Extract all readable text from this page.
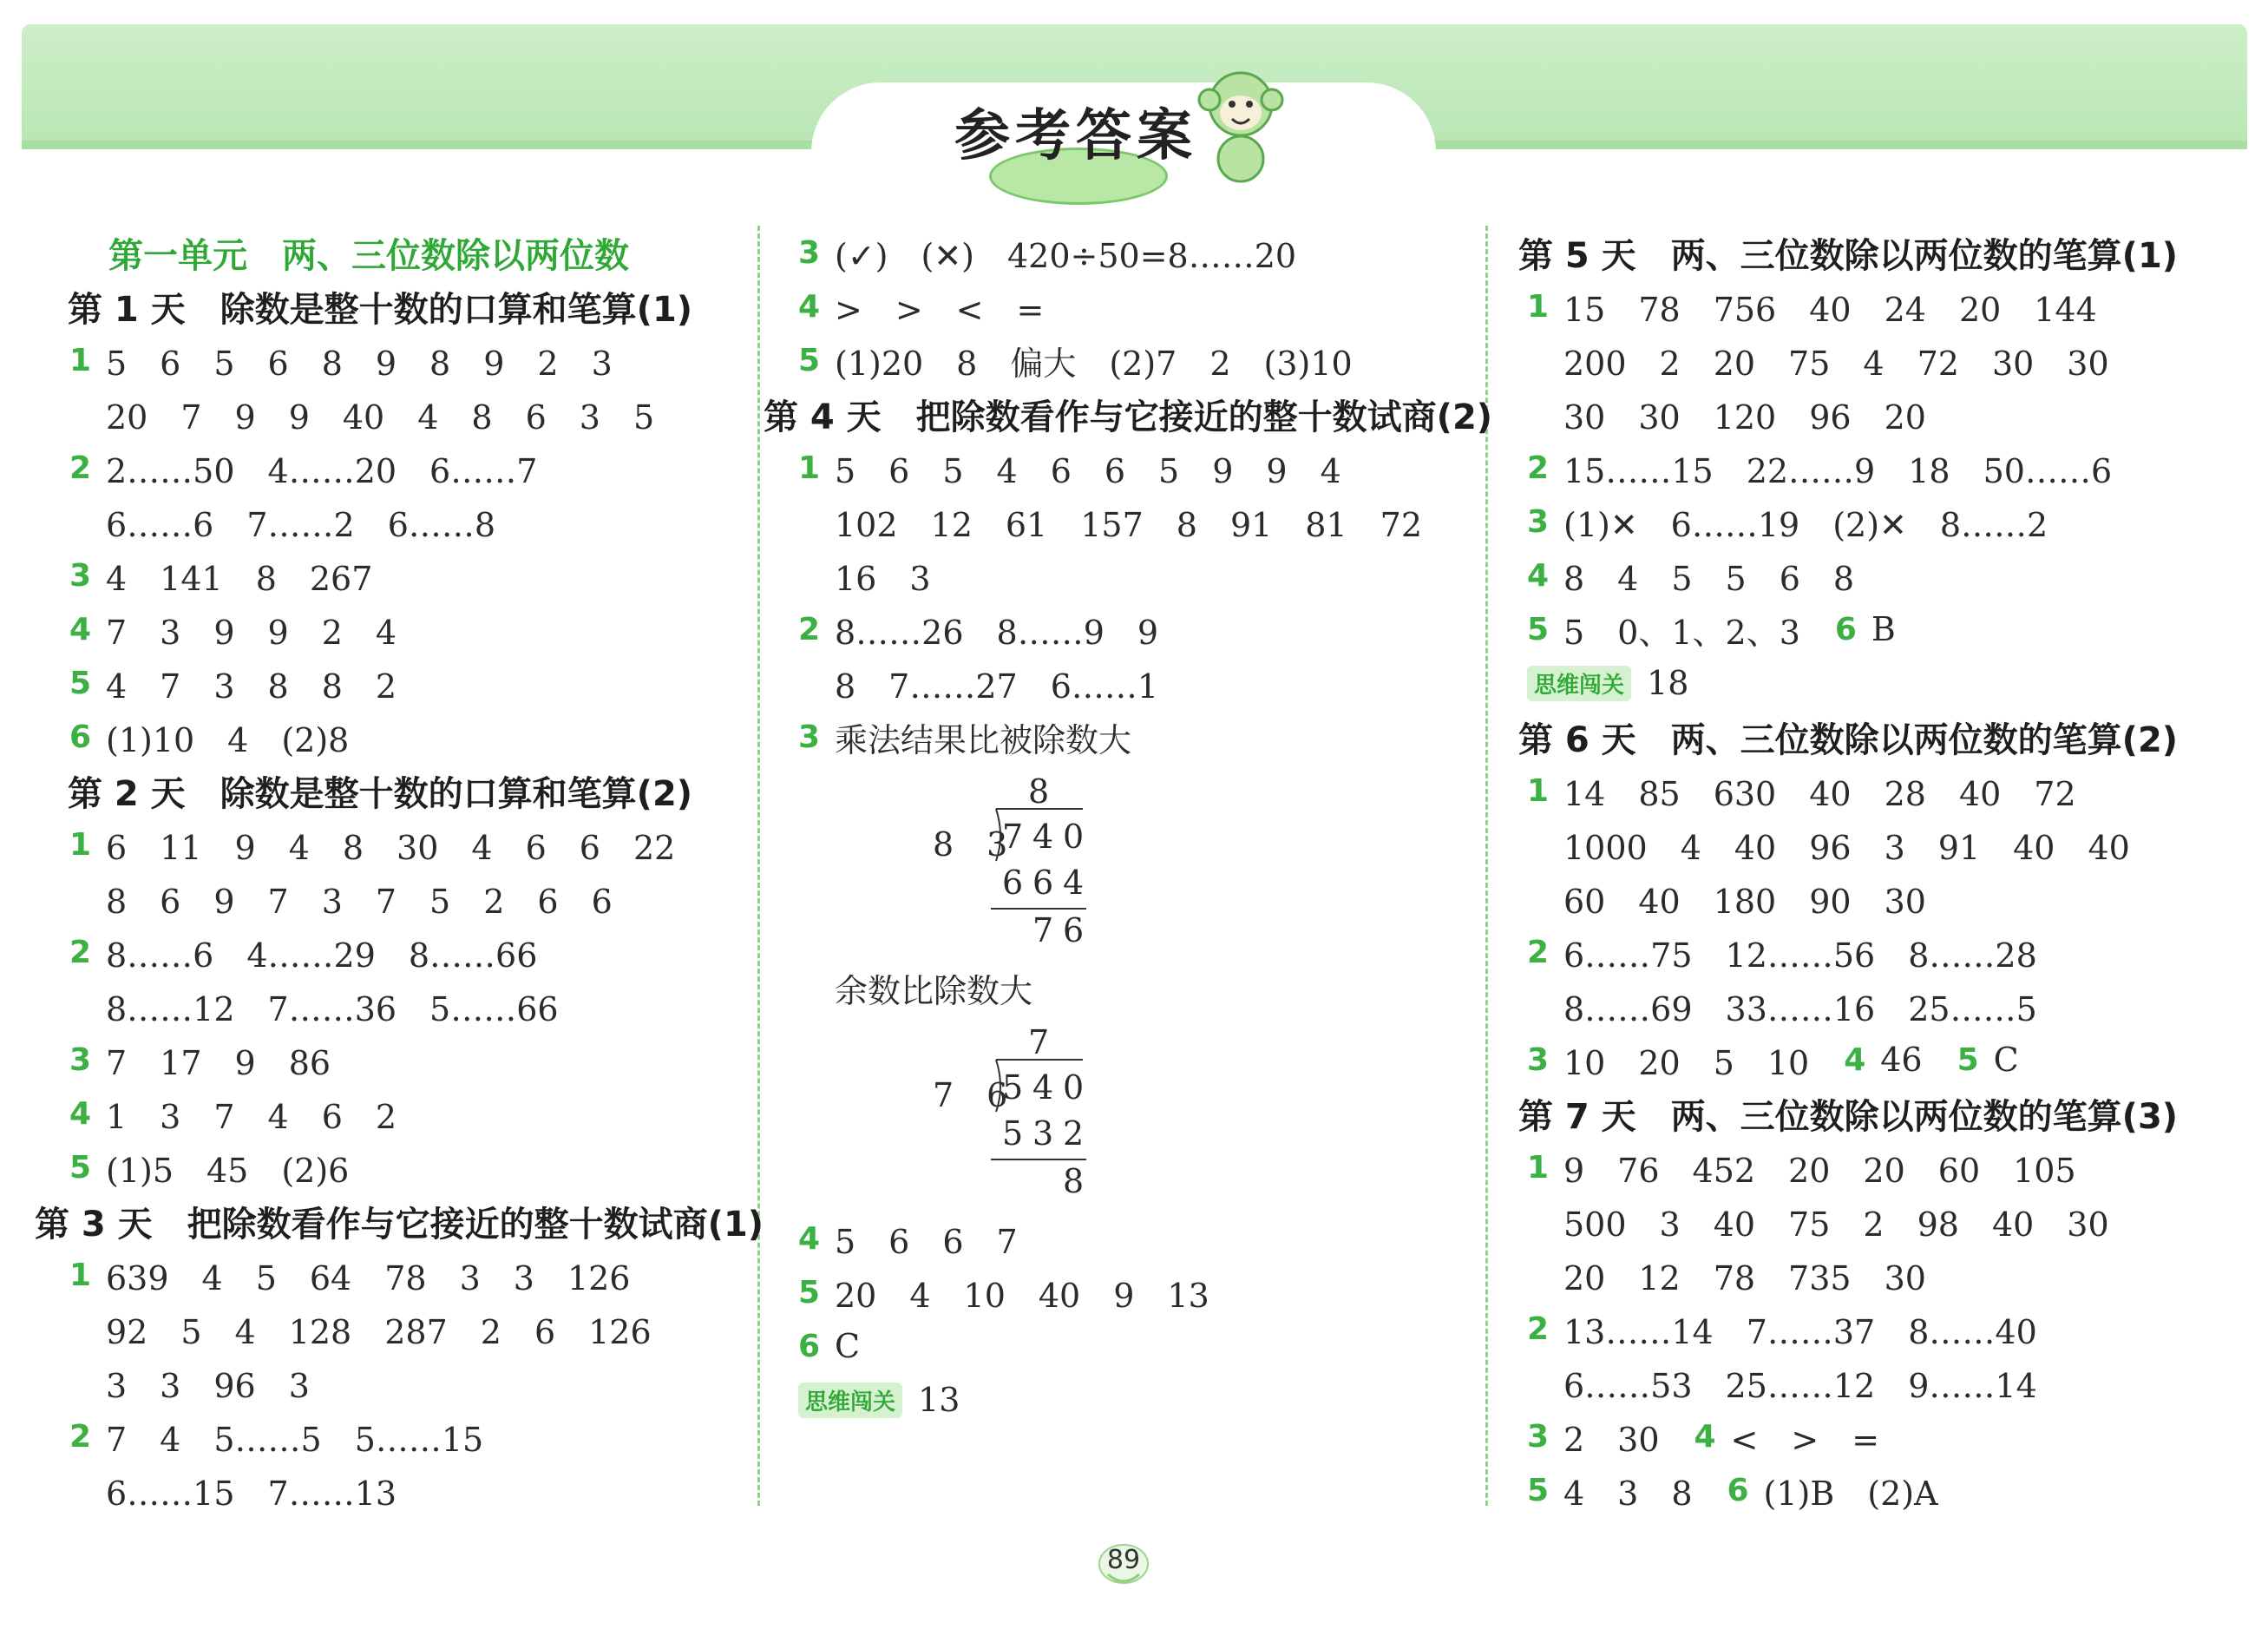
参考答案
第一单元　两、三位数除以两位数
第 1 天　除数是整十数的口算和笔算(1)
1 5　6　5　6　8　9　8　9　2　3
20　7　9　9　40　4　8　6　3　5
2 2……50　4……20　6……7
6……6　7……2　6……8
3 4　141　8　267
4 7　3　9　9　2　4
5 4　7　3　8　8　2
6 (1)10　4　(2)8
第 2 天　除数是整十数的口算和笔算(2)
1 6　11　9　4　8　30　4　6　6　22
8　6　9　7　3　7　5　2　6　6
2 8……6　4……29　8……66
8……12　7……36　5……66
3 7　17　9　86
4 1　3　7　4　6　2
5 (1)5　45　(2)6
第 3 天　把除数看作与它接近的整十数试商(1)
1 639　4　5　64　78　3　3　126
92　5　4　128　287　2　6　126
3　3　96　3
2 7　4　5……5　5……15
6……15　7……13
3 (✓)　(✕)　420÷50=8……20
4 >　>　<　=
5 (1)20　8　偏大　(2)7　2　(3)10
第 4 天　把除数看作与它接近的整十数试商(2)
1 5　6　5　4　6　6　5　9　9　4
102　12　61　157　8　91　81　72
16　3
2 8……26　8……9　9
8　7……27　6……1
3 乘法结果比被除数大
8
8　3
7 4 0
6 6 4
7 6
余数比除数大
7
7　6
5 4 0
5 3 2
8
4 5　6　6　7
5 20　4　10　40　9　13
6 C
思维闯关 13
第 5 天　两、三位数除以两位数的笔算(1)
1 15　78　756　40　24　20　144
200　2　20　75　4　72　30　30
30　30　120　96　20
2 15……15　22……9　18　50……6
3 (1)✕　6……19　(2)✕　8……2
4 8　4　5　5　6　8
5 5　0、1、2、3 6 B
思维闯关 18
第 6 天　两、三位数除以两位数的笔算(2)
1 14　85　630　40　28　40　72
1000　4　40　96　3　91　40　40
60　40　180　90　30
2 6……75　12……56　8……28
8……69　33……16　25……5
3 10　20　5　10 4 46 5 C
第 7 天　两、三位数除以两位数的笔算(3)
1 9　76　452　20　20　60　105
500　3　40　75　2　98　40　30
20　12　78　735　30
2 13……14　7……37　8……40
6……53　25……12　9……14
3 2　30 4 <　>　=
5 4　3　8 6 (1)B　(2)A
89
